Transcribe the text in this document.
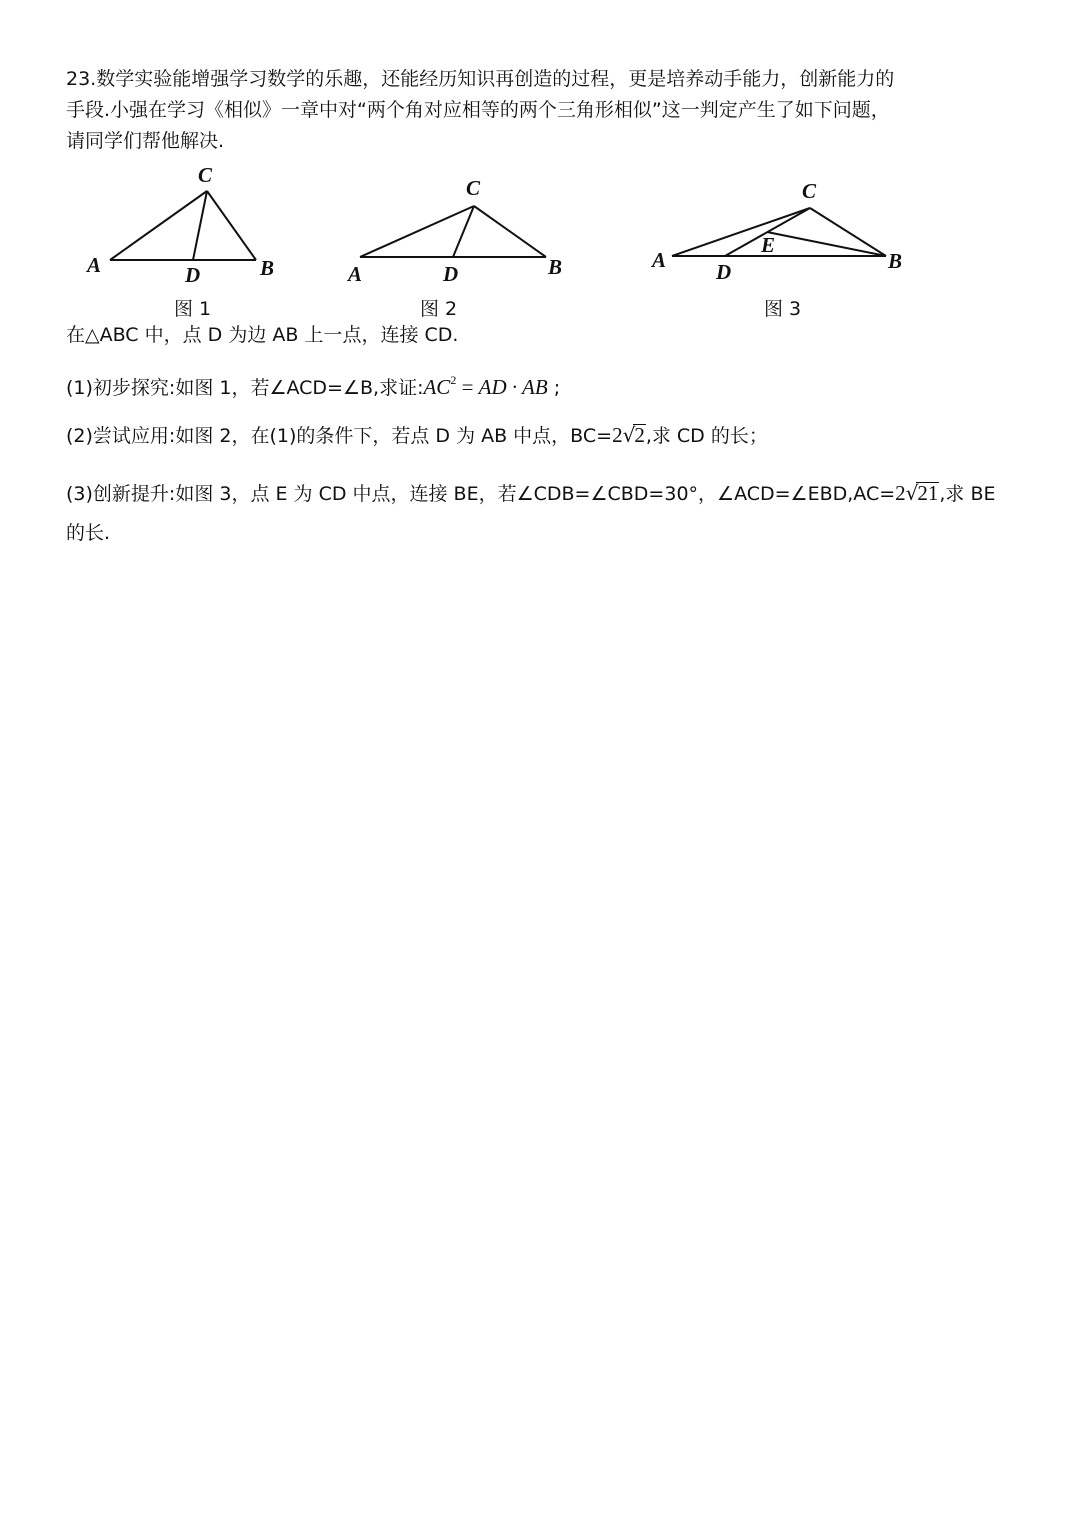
23.数学实验能增强学习数学的乐趣，还能经历知识再创造的过程，更是培养动手能力，创新能力的
手段.小强在学习《相似》一章中对“两个角对应相等的两个三角形相似”这一判定产生了如下问题，
请同学们帮他解决.
C
A	D	B
图 1
C
A	D	B
图 2
C
E
A D	B
图 3
在△ABC 中，点 D 为边 AB 上一点，连接 CD.
(1)初步探究:如图 1，若∠ACD=∠B,求证$:AC^2$ = AD · AB ;
(2)尝试应用:如图 2，在(1)的条件下，若点 D 为 AB 中点，BC=2√2,求 CD 的长；
(3)创新提升:如图 3，点 E 为 CD 中点，连接 BE，若∠CDB=∠CBD=30°，∠ACD=∠EBD,AC=2√21,求 BE
的长.
